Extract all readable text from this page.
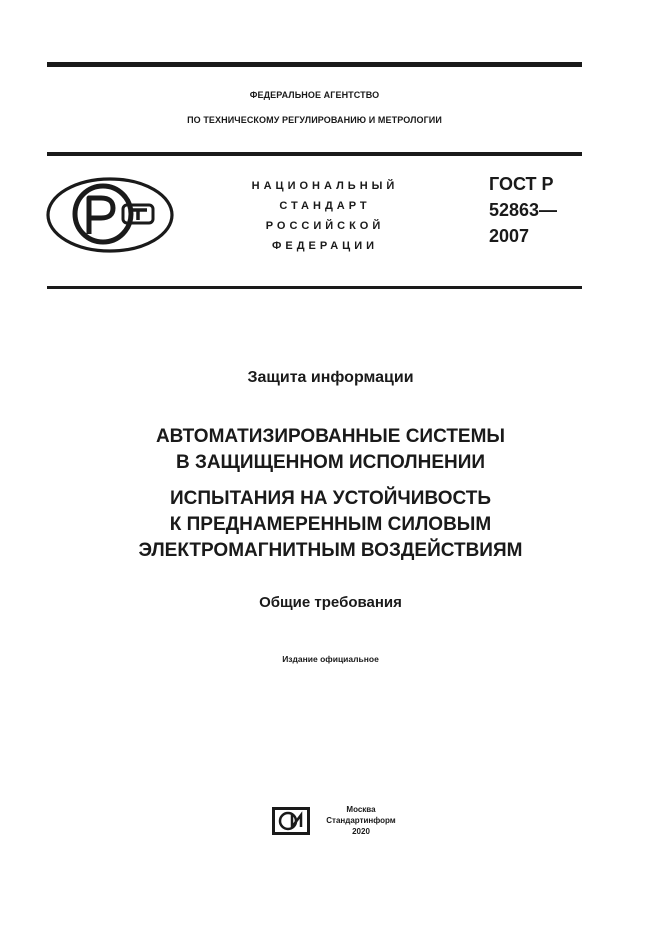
ФЕДЕРАЛЬНОЕ АГЕНТСТВО
ПО ТЕХНИЧЕСКОМУ РЕГУЛИРОВАНИЮ И МЕТРОЛОГИИ
НАЦИОНАЛЬНЫЙ
СТАНДАРТ
РОССИЙСКОЙ
ФЕДЕРАЦИИ
ГОСТ Р
52863—
2007
Защита информации
АВТОМАТИЗИРОВАННЫЕ СИСТЕМЫ
В ЗАЩИЩЕННОМ ИСПОЛНЕНИИ
ИСПЫТАНИЯ НА УСТОЙЧИВОСТЬ
К ПРЕДНАМЕРЕННЫМ СИЛОВЫМ
ЭЛЕКТРОМАГНИТНЫМ ВОЗДЕЙСТВИЯМ
Общие требования
Издание официальное
Москва
Стандартинформ
2020
